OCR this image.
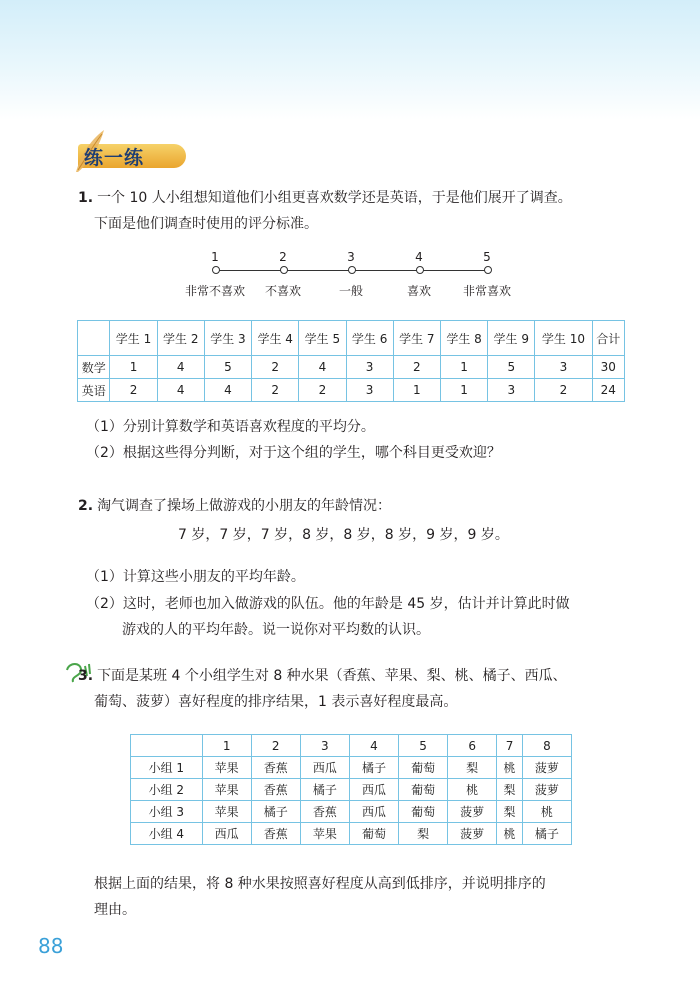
练一练
1. 一个 10 人小组想知道他们小组更喜欢数学还是英语，于是他们展开了调查。
下面是他们调查时使用的评分标准。
1	2	3	4	5
非常不喜欢	不喜欢	一般	喜欢	非常喜欢
	学生 1	学生 2	学生 3	学生 4	学生 5	学生 6	学生 7	学生 8	学生 9	学生 10	合计
数学	1	4	5	2	4	3	2	1	5	3	30
英语	2	4	4	2	2	3	1	1	3	2	24
（1）分别计算数学和英语喜欢程度的平均分。
（2）根据这些得分判断，对于这个组的学生，哪个科目更受欢迎？
2. 淘气调查了操场上做游戏的小朋友的年龄情况：
7 岁，7 岁，7 岁，8 岁，8 岁，8 岁，9 岁，9 岁。
（1）计算这些小朋友的平均年龄。
（2）这时，老师也加入做游戏的队伍。他的年龄是 45 岁，估计并计算此时做
游戏的人的平均年龄。说一说你对平均数的认识。
3. 下面是某班 4 个小组学生对 8 种水果（香蕉、苹果、梨、桃、橘子、西瓜、
葡萄、菠萝）喜好程度的排序结果，1 表示喜好程度最高。
	1	2	3	4	5	6	7	8
小组 1	苹果	香蕉	西瓜	橘子	葡萄	梨	桃	菠萝
小组 2	苹果	香蕉	橘子	西瓜	葡萄	桃	梨	菠萝
小组 3	苹果	橘子	香蕉	西瓜	葡萄	菠萝	梨	桃
小组 4	西瓜	香蕉	苹果	葡萄	梨	菠萝	桃	橘子
根据上面的结果，将 8 种水果按照喜好程度从高到低排序，并说明排序的
理由。
88
